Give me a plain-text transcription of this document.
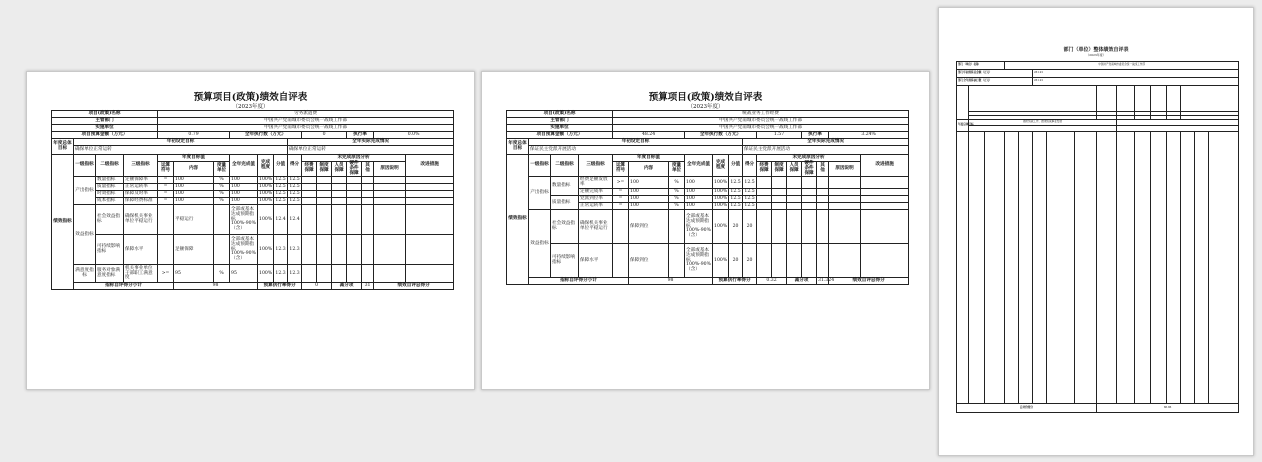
预算项目(政策)绩效自评表
（2023年度）
项目(政策)名称				劳务派遣费														
主管部门				中国共产党南城市委员会统一战线工作部														
实施单位				中国共产党南城市委员会统一战线工作部														
项目预算金额（万元）				0.79			全年执行数（万元）				0			执行率		0.0%		
年度总体目标	年初设定目标									全年实际完成情况								
	确保单位正常运转									确保单位正常运转								
绩效指标	一级指标	二级指标	三级指标	年度目标值			全年完成值	完成程度	分值	得分	未完成原因分析						改进措施	
				运算符号	内容	度量单位					经费保障	制度保障	人员保障	硬件条件保障	其他	原因说明		

	产出指标	数量指标	定额保障率	=	100	%	100	100%	12.5	12.5								
		质量指标	正常运转率	=	100	%	100	100%	12.5	12.5								
		时效指标	保障及时率	=	100	%	100	100%	12.5	12.5								
		成本指标	保障经费标准	=	100	%	100	100%	12.5	12.5								
	效益指标	社会效益指标	确保机关事业单位平稳运行		平稳运行		全部或基本达成预期指标100%-90%（含）	100%	12.4	12.4								
		可持续影响指标	保障水平		足额保障		全部或基本达成预期指标100%-90%（含）	100%	12.3	12.3								
	满意度指标	服务对象满意度指标	机关事业单位干部职工满意度	>=	95	%	95	100%	12.3	12.3								
	指标自评得分小计				98			预算执行率得分			0		减分项		31	绩效自评总得分	
预算项目(政策)绩效自评表
（2023年度）
项目(政策)名称				统战业务工作经费														
主管部门				中国共产党南城市委员会统一战线工作部														
实施单位				中国共产党南城市委员会统一战线工作部														
项目预算金额（万元）				48.24			全年执行数（万元）				1.57			执行率		3.24%		
年度总体目标	年初设定目标									全年实际完成情况								
	保证民主党派开展活动									保证民主党派开展活动								
绩效指标	一级指标	二级指标	三级指标	年度目标值			全年完成值	完成程度	分值	得分	未完成原因分析						改进措施	
				运算符号	内容	度量单位					经费保障	制度保障	人员保障	硬件条件保障	其他	原因说明		

	产出指标	数量指标	经费足额发放率	>=	100	%	100	100%	12.5	12.5								
			定额完成率	=	100	%	100	100%	12.5	12.5								
		质量指标	党派到位率	=	100	%	100	100%	12.5	12.5								
			正常运转率	=	100	%	100	100%	12.5	12.5								
	效益指标	社会效益指标	确保机关事业单位平稳运行		保障到位		全部或基本达成预期指标100%-90%（含）	100%	20	20								
		可持续影响指标	保障水平		保障到位		全部或基本达成预期指标100%-90%（含）	100%	20	20								
	指标自评得分小计				98			预算执行率得分			0.32		减分项		31.324	绩效自评总得分	
部门（单位）整体绩效自评表
（2023年度）
部门（单位）名称			中国共产党南城市委员会统一战线工作部												
部门年初预算总金额（万元）					261.91										
部门全年预算执行数（万元）					261.91										

年度总体目标	做好统战工作，推进统战事业发展														

总评价得分								86.86							
